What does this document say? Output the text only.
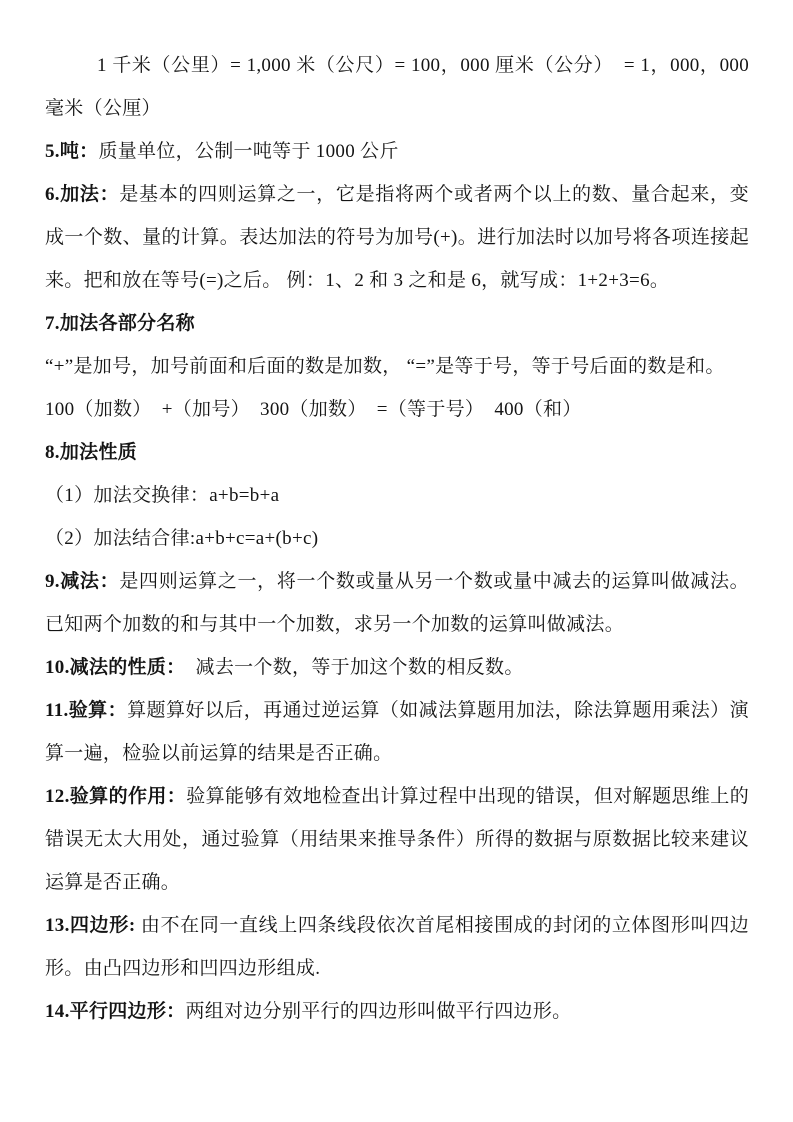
1 千米（公里）= 1,000 米（公尺）= 100，000 厘米（公分）  = 1，000，000 毫米（公厘）

5.吨：质量单位，公制一吨等于 1000 公斤

6.加法：是基本的四则运算之一，它是指将两个或者两个以上的数、量合起来，变成一个数、量的计算。表达加法的符号为加号(+)。进行加法时以加号将各项连接起来。把和放在等号(=)之后。 例：1、2 和 3 之和是 6，就写成：1+2+3=6。

7.加法各部分名称

“+”是加号，加号前面和后面的数是加数， “=”是等于号，等于号后面的数是和。

100（加数）  +（加号）  300（加数）  =（等于号）  400（和）

8.加法性质

（1）加法交换律：a+b=b+a

（2）加法结合律:a+b+c=a+(b+c)

9.减法：是四则运算之一，将一个数或量从另一个数或量中减去的运算叫做减法。已知两个加数的和与其中一个加数，求另一个加数的运算叫做减法。

10.减法的性质：  减去一个数，等于加这个数的相反数。

11.验算：算题算好以后，再通过逆运算（如减法算题用加法，除法算题用乘法）演算一遍，检验以前运算的结果是否正确。

12.验算的作用：验算能够有效地检查出计算过程中出现的错误，但对解题思维上的错误无太大用处，通过验算（用结果来推导条件）所得的数据与原数据比较来建议运算是否正确。

13.四边形: 由不在同一直线上四条线段依次首尾相接围成的封闭的立体图形叫四边形。由凸四边形和凹四边形组成.

14.平行四边形：两组对边分别平行的四边形叫做平行四边形。
